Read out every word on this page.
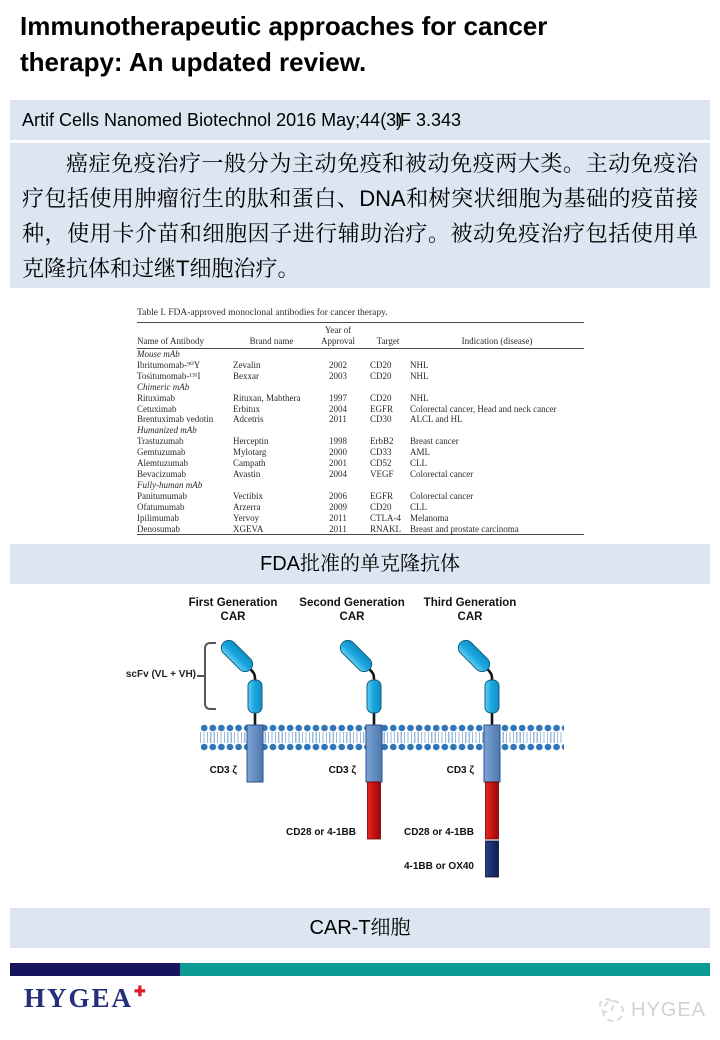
Immunotherapeutic approaches for cancer therapy: An updated review.
Artif Cells Nanomed Biotechnol 2016 May;44(3)
IF 3.343
癌症免疫治疗一般分为主动免疫和被动免疫两大类。主动免疫治疗包括使用肿瘤衍生的肽和蛋白、DNA和树突状细胞为基础的疫苗接种，使用卡介苗和细胞因子进行辅助治疗。被动免疫治疗包括使用单克隆抗体和过继T细胞治疗。
Table I. FDA-approved monoclonal antibodies for cancer therapy.
Name of Antibody	Brand name	Year of Approval	Target	Indication (disease)
Mouse mAb				
Ibritumomab-⁹⁰Y	Zevalin	2002	CD20	NHL
Tositumomab-¹³¹I	Bexxar	2003	CD20	NHL
Chimeric mAb				
Rituximab	Rituxan, Mabthera	1997	CD20	NHL
Cetuximab	Erbitux	2004	EGFR	Colorectal cancer, Head and neck cancer
Brentuximab vedotin	Adcetris	2011	CD30	ALCL and HL
Humanized mAb				
Trastuzumab	Herceptin	1998	ErbB2	Breast cancer
Gemtuzumab	Mylotarg	2000	CD33	AML
Alemtuzumab	Campath	2001	CD52	CLL
Bevacizumab	Avastin	2004	VEGF	Colorectal cancer
Fully-human mAb				
Panitumumab	Vectibix	2006	EGFR	Colorectal cancer
Ofatumumab	Arzerra	2009	CD20	CLL
Ipilimumab	Yervoy	2011	CTLA-4	Melanoma
Denosumab	XGEVA	2011	RNAKL	Breast and prostate carcinoma
FDA批准的单克隆抗体
First Generation
CAR
Second Generation
CAR
Third Generation
CAR
scFv (VL + VH)
CD3 ζ	CD3 ζ	CD3 ζ
CD28 or 4-1BB	CD28 or 4-1BB
4-1BB or OX40
CAR-T细胞
HYGEA✚
HYGEA
